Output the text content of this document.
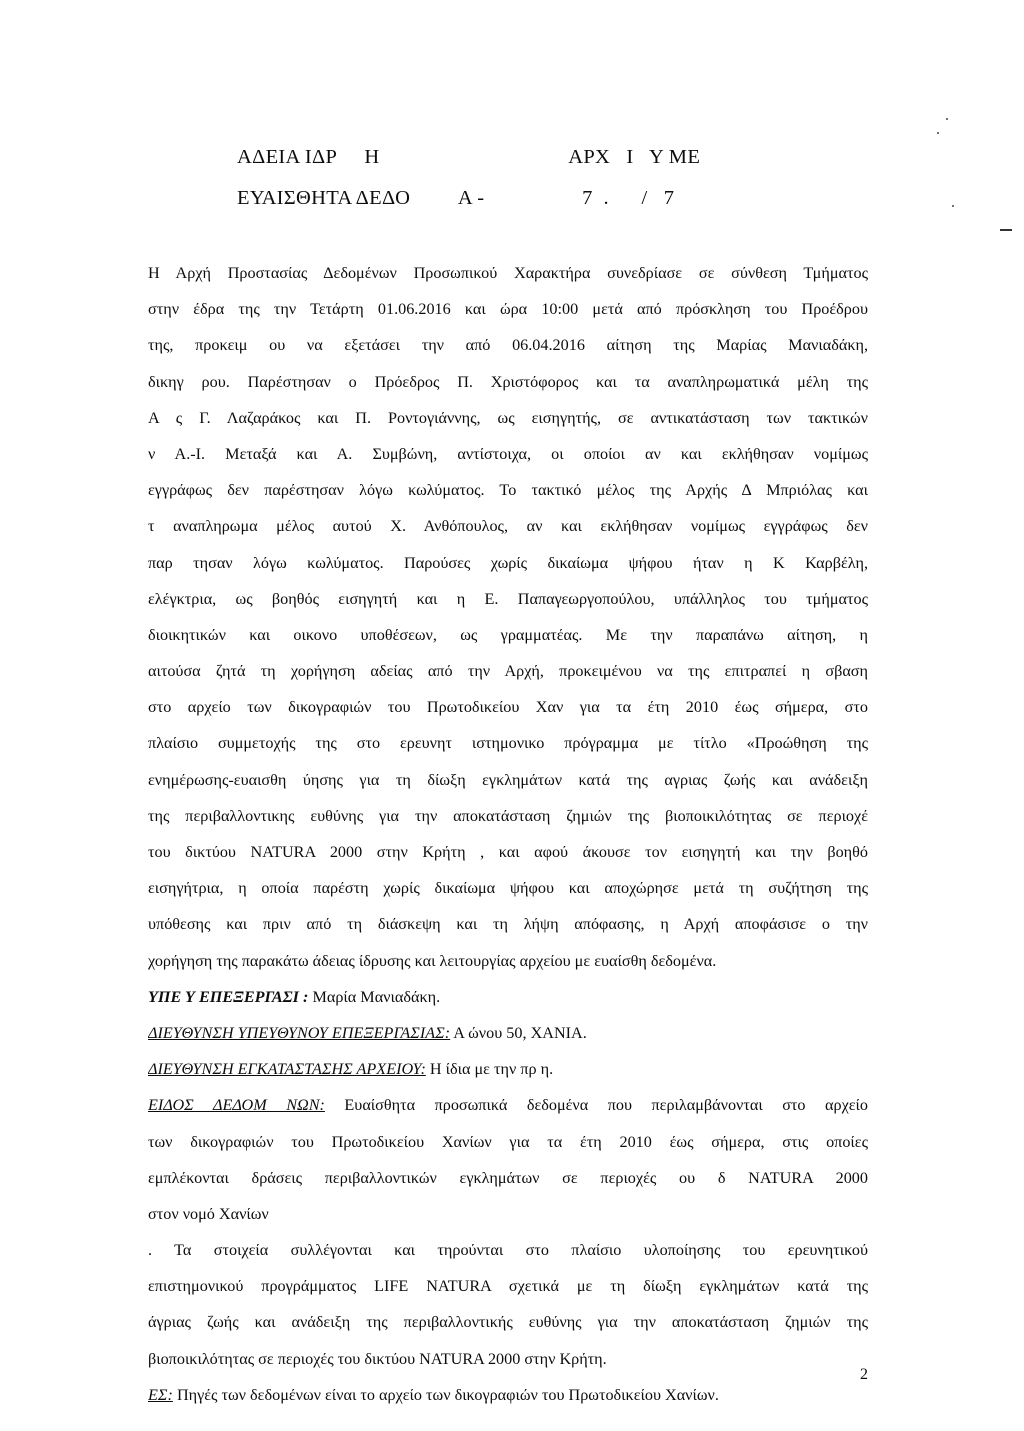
ΑΔΕΙΑ ΙΔΡ     Η                                   ΑΡΧ   Ι   Υ ΜΕ
ΕΥΑΙΣΘΗΤΑ ΔΕΔΟ         Α -                  7  .      /   7
Η Αρχή Προστασίας Δεδομένων Προσωπικού Χαρακτήρα συνεδρίασε σε σύνθεση Τμήματος
στην έδρα της την Τετάρτη 01.06.2016 και ώρα 10:00 μετά από πρόσκληση του Προέδρου
της, προκειμ ου να εξετάσει την από 06.04.2016 αίτηση της Μαρίας Μανιαδάκη,
δικηγ ρου. Παρέστησαν ο Πρόεδρος Π. Χριστόφορος και τα αναπληρωματικά μέλη της
Α ς Γ. Λαζαράκος και Π. Ροντογιάννης, ως εισηγητής, σε αντικατάσταση των τακτικών
ν Α.-Ι. Μεταξά και Α. Συμβώνη, αντίστοιχα, οι οποίοι αν και εκλήθησαν νομίμως
εγγράφως δεν παρέστησαν λόγω κωλύματος. Το τακτικό μέλος της Αρχής Δ Μπριόλας και
τ αναπληρωμα μέλος αυτού Χ. Ανθόπουλος, αν και εκλήθησαν νομίμως εγγράφως δεν
παρ τησαν λόγω κωλύματος. Παρούσες χωρίς δικαίωμα ψήφου ήταν η Κ Καρβέλη,
ελέγκτρια, ως βοηθός εισηγητή και η Ε. Παπαγεωργοπούλου, υπάλληλος του τμήματος
διοικητικών και οικονο υποθέσεων, ως γραμματέας. Με την παραπάνω αίτηση, η
αιτούσα ζητά τη χορήγηση αδείας από την Αρχή, προκειμένου να της επιτραπεί η σβαση
στο αρχείο των δικογραφιών του Πρωτοδικείου Χαν για τα έτη 2010 έως σήμερα, στο
πλαίσιο συμμετοχής της στο ερευνητ ιστημονικο πρόγραμμα με τίτλο «Προώθηση της
ενημέρωσης-ευαισθη ύησης για τη δίωξη εγκλημάτων κατά της αγριας ζωής και ανάδειξη
της περιβαλλοντικης ευθύνης για την αποκατάσταση ζημιών της βιοποικιλότητας σε περιοχέ
του δικτύου NATURA 2000 στην Κρήτη , και αφού άκουσε τον εισηγητή και την βοηθό
εισηγήτρια, η οποία παρέστη χωρίς δικαίωμα ψήφου και αποχώρησε μετά τη συζήτηση της
υπόθεσης και πριν από τη διάσκεψη και τη λήψη απόφασης, η Αρχή αποφάσισε ο την
χορήγηση της παρακάτω άδειας ίδρυσης και λειτουργίας αρχείου με ευαίσθη δεδομένα.
ΥΠΕ Υ ΕΠΕΞΕΡΓΑΣΙ : Μαρία Μανιαδάκη.
ΔΙΕΥΘΥΝΣΗ ΥΠΕΥΘΥΝΟΥ ΕΠΕΞΕΡΓΑΣΙΑΣ: Α ώνου 50, ΧΑΝΙΑ.
ΔΙΕΥΘΥΝΣΗ ΕΓΚΑΤΑΣΤΑΣΗΣ ΑΡΧΕΙΟΥ: Η ίδια με την πρ η.
ΕΙΔΟΣ ΔΕΔΟΜ ΝΩΝ: Ευαίσθητα προσωπικά δεδομένα που περιλαμβάνονται στο αρχείο
των δικογραφιών του Πρωτοδικείου Χανίων για τα έτη 2010 έως σήμερα, στις οποίες
εμπλέκονται δράσεις περιβαλλοντικών εγκλημάτων σε περιοχές ου δ NATURA 2000
στον νομό Χανίων
. Τα στοιχεία συλλέγονται και τηρούνται στο πλαίσιο υλοποίησης του ερευνητικού
επιστημονικού προγράμματος LIFE NATURA σχετικά με τη δίωξη εγκλημάτων κατά της
άγριας ζωής και ανάδειξη της περιβαλλοντικής ευθύνης για την αποκατάσταση ζημιών της
βιοποικιλότητας σε περιοχές του δικτύου NATURA 2000 στην Κρήτη.
ΕΣ: Πηγές των δεδομένων είναι το αρχείο των δικογραφιών του Πρωτοδικείου Χανίων.
2
